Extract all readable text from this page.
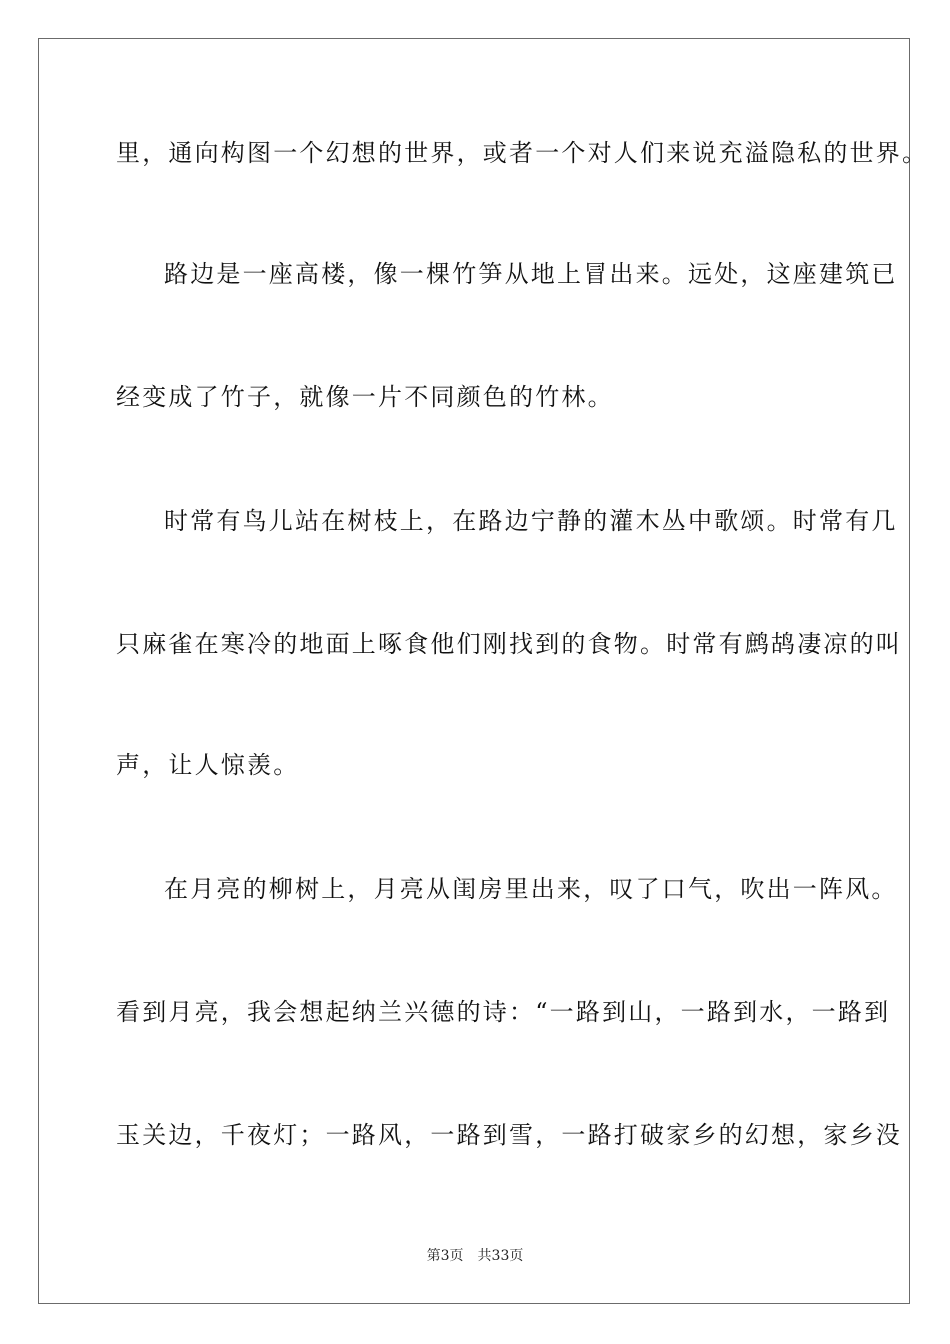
里，通向构图一个幻想的世界，或者一个对人们来说充溢隐私的世界。
路边是一座高楼，像一棵竹笋从地上冒出来。远处，这座建筑已
经变成了竹子，就像一片不同颜色的竹林。
时常有鸟儿站在树枝上，在路边宁静的灌木丛中歌颂。时常有几
只麻雀在寒冷的地面上啄食他们刚找到的食物。时常有鹧鸪凄凉的叫
声，让人惊羡。
在月亮的柳树上，月亮从闺房里出来，叹了口气，吹出一阵风。
看到月亮，我会想起纳兰兴德的诗：“一路到山，一路到水，一路到
玉关边，千夜灯；一路风，一路到雪，一路打破家乡的幻想，家乡没
第3页 共33页
